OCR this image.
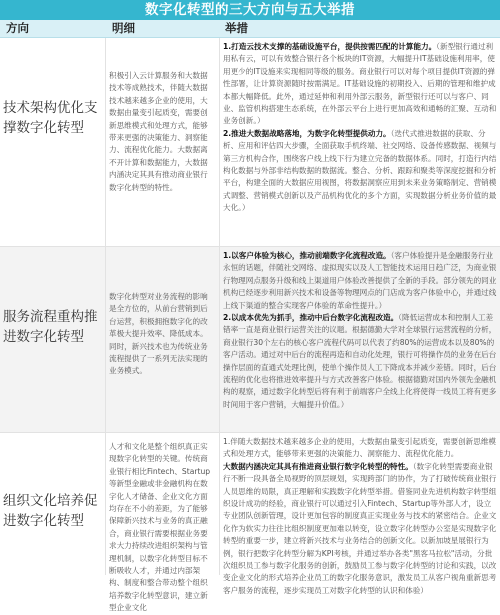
数字化转型的三大方向与五大举措
方向	明细	举措
技术架构优化支撑数字化转型
积极引入云计算服务和大数据技术等成熟技术，伴随大数据技术越来越多企业的使用，大数据由量变引起质变，需要创新思维模式和处理方式，能够带来更强的决策能力、洞察能力、流程优化能力。大数据离不开计算和数据能力，大数据内涵决定其具有推动商业银行数字化转型的特性。

1.打造云技术支撑的基础设施平台，提供按需匹配的计算能力。（新型银行通过利用私有云，可以有效整合银行各个板块的IT资源，大幅提升IT基础设施利用率，使用更少的IT设施来实现相同等级的服务。商业银行可以对每个项目提供IT资源的弹性部署，让计算资源随时按需满足。IT基础设施的初期投入、后期的管理和维护成本都大幅降低。此外，通过延伸和利用外部云服务，新型银行还可以与客户、同业、监管机构搭建生态系统，在外部云平台上进行更加高效和通畅的汇聚、互动和业务创新。）

2.推进大数据战略落地，为数字化转型提供动力。（迭代式推进数据的获取、分析、应用和评估四大步骤，全面获取手机终端、社交网络、设备传感数据、视频与第三方机构合作，围绕客户线上线下行为建立完备的数据体系。同时，打造行内结构化数据与外部非结构数据的数据流。整合、分析、跟踪和聚类等深度挖掘和分析平台，构建全面的大数据应用视图，将数据洞察应用到未来业务策略制定、营销模式调整、营销模式创新以及产品机构优化的多个方面，实现数据分析业务价值的最大化。）

服务流程重构推进数字化转型
数字化转型对业务流程的影响是全方位的，从前台营销到后台运营，积极拥抱数字化的改革极大提升效率、降低成本。同时，新兴技术也为传统业务流程提供了一系列无法实现的业务模式。

1.以客户体验为核心，推动前端数字化流程改造。（客户体验提升是金融服务行业永恒的话题，伴随社交网络、虚拟现实以及人工智能技术运用日趋广泛，为商业银行物理网点服务升级和线上渠道用户体验改善提供了全新的手段。部分领先的同业机构已经逐步利用新兴技术和设备等物理网点的门店成为客户体验中心，并通过线上线下渠道的整合实现客户体验的革命性提升。）

2.以成本优先为抓手，推动中后台数字化流程改造。（降低运营成本和控制人工差错率一直是商业银行运营关注的议题。根据德勤大学对全球银行运营流程的分析，商业银行30个左右的核心客户流程代码可以代表了约80%的运营成本以及80%的客户活动。通过对中后台的流程再造和自动化处理，银行可将操作员的业务在后台操作层面的直通式处理比例，使单个操作员人工下降成本并减少差错。同时，后台流程的优化也将推进效率提升与方式改善客户体验。根据德勤对国内外领先金融机构的观察，通过数字化转型后将有利于前端客户全线上化将使得一线员工将有更多时间用于客户营销，大幅提升价值。）

组织文化培养促进数字化转型
人才和文化是整个组织真正实现数字化转型的关键。传统商业银行相比Fintech、Startup等新型金融或非金融机构在数字化人才储备、企业文化方面均存在不小的差距，为了能够保障新兴技术与业务的真正融合，商业银行需要根据业务要求大力持续改进组织架构与管理机制，以数字化转型目标不断吸收人才，并通过内部架构、制度和整合带动整个组织培养数字化转型意识，建立新型企业文化

1.伴随大数据技术越来越多企业的使用，大数据由量变引起质变，需要创新思维模式和处理方式，能够带来更强的决策能力、洞察能力、流程优化能力。

大数据内涵决定其具有推进商业银行数字化转型的特性。（数字化转型需要商业银行不断一段具备全局视野的顶层规划，实现跨部门的协作，为了打破传统商业银行人员思维的局限，真正理解和实践数字化转型举措。借鉴同业先进机构数字转型组织设计成功的经验，商业银行可以通过引入Fintech、Startup等外部人才，设立专业团队创新管理，设计更加包容的制度真正实现业务与技术的紧密结合。企业文化作为软实力往往比组织制度更加难以转变，设立数字化转型办公室是实现数字化转型的重要一步，建立将新兴技术与业务结合的创新文化。以新加坡星展银行为例，银行把数字化转型分解为KPI考核，并通过举办各类"黑客马拉松"活动，分批次组织员工参与数字化服务的创新，鼓励员工参与数字化转型的讨论和实践，以改变企业文化的形式培养企业员工的数字化服务意识，激发员工从客户视角重新思考客户服务的流程，逐步实现员工对数字化转型的认识和体验）
